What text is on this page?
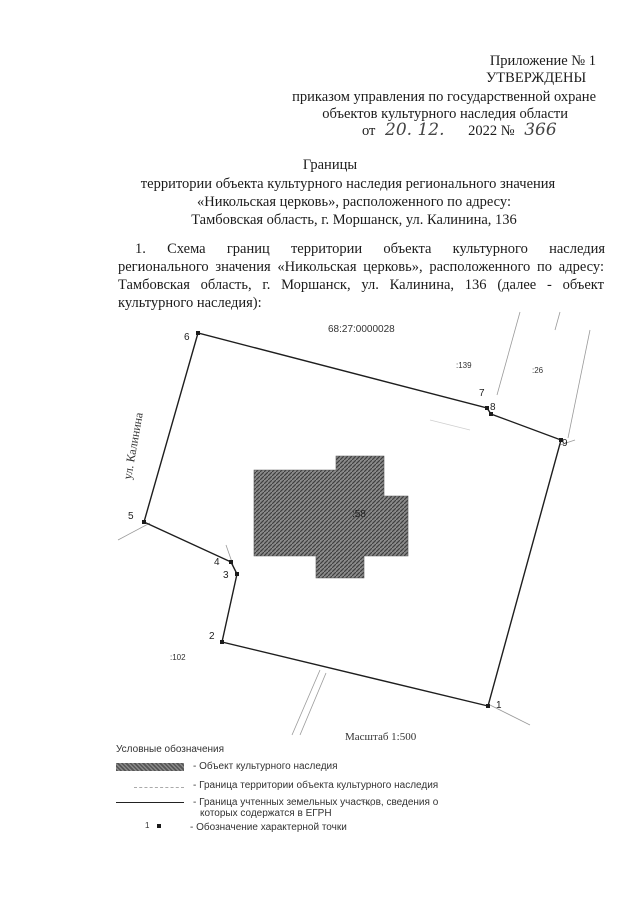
Приложение № 1
УТВЕРЖДЕНЫ
приказом управления по государственной охране
объектов культурного наследия области
от 20. 12. 2022 № 366
Границы
территории объекта культурного наследия регионального значения
«Никольская церковь», расположенного по адресу:
Тамбовская область, г. Моршанск, ул. Калинина, 136
1. Схема границ территории объекта культурного наследия
регионального значения «Никольская церковь», расположенного по адресу:
Тамбовская область, г. Моршанск, ул. Калинина, 136 (далее - объект
культурного наследия):
:58
1
2
3
4
5
6
7
8
9
68:27:0000028
:139
:26
:102
ул. Калинина
Масштаб 1:500
Условные обозначения
- Объект культурного наследия
- Граница территории объекта культурного наследия
- Граница учтенных земельных участков, сведения о
которых содержатся в ЕГРН
1	- Обозначение характерной точки
